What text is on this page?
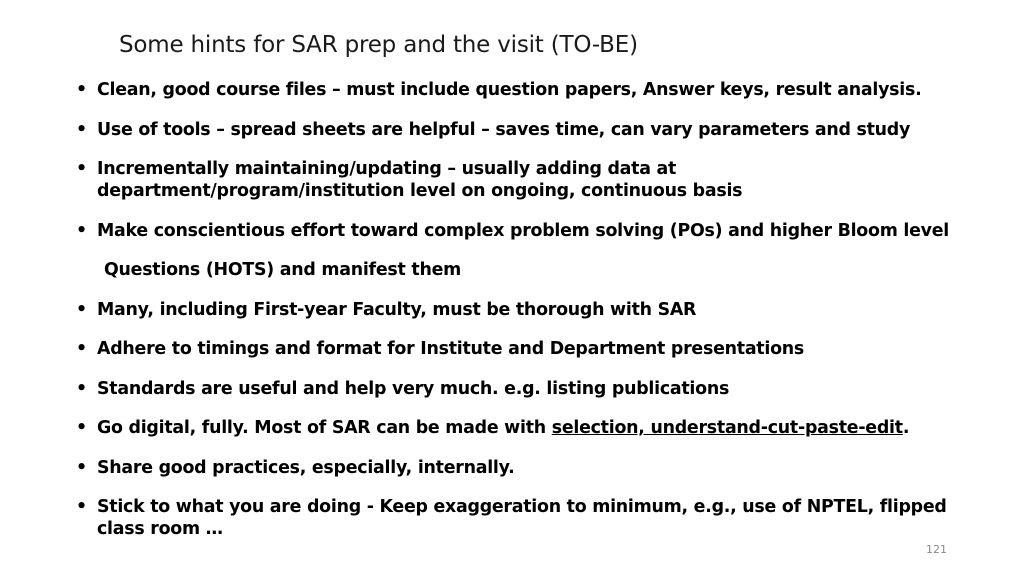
Some hints for SAR prep and the visit (TO-BE)
• Clean, good course files – must include question papers, Answer keys, result analysis.
• Use of tools – spread sheets are helpful – saves time, can vary parameters and study
• Incrementally maintaining/updating – usually adding data at department/program/institution level on ongoing, continuous basis
• Make conscientious effort toward complex problem solving (POs) and higher Bloom level
Questions (HOTS) and manifest them
• Many, including First-year Faculty, must be thorough with SAR
• Adhere to timings and format for Institute and Department presentations
• Standards are useful and help very much. e.g. listing publications
• Go digital, fully. Most of SAR can be made with selection, understand-cut-paste-edit.
• Share good practices, especially, internally.
• Stick to what you are doing - Keep exaggeration to minimum, e.g., use of NPTEL, flipped class room …
121
